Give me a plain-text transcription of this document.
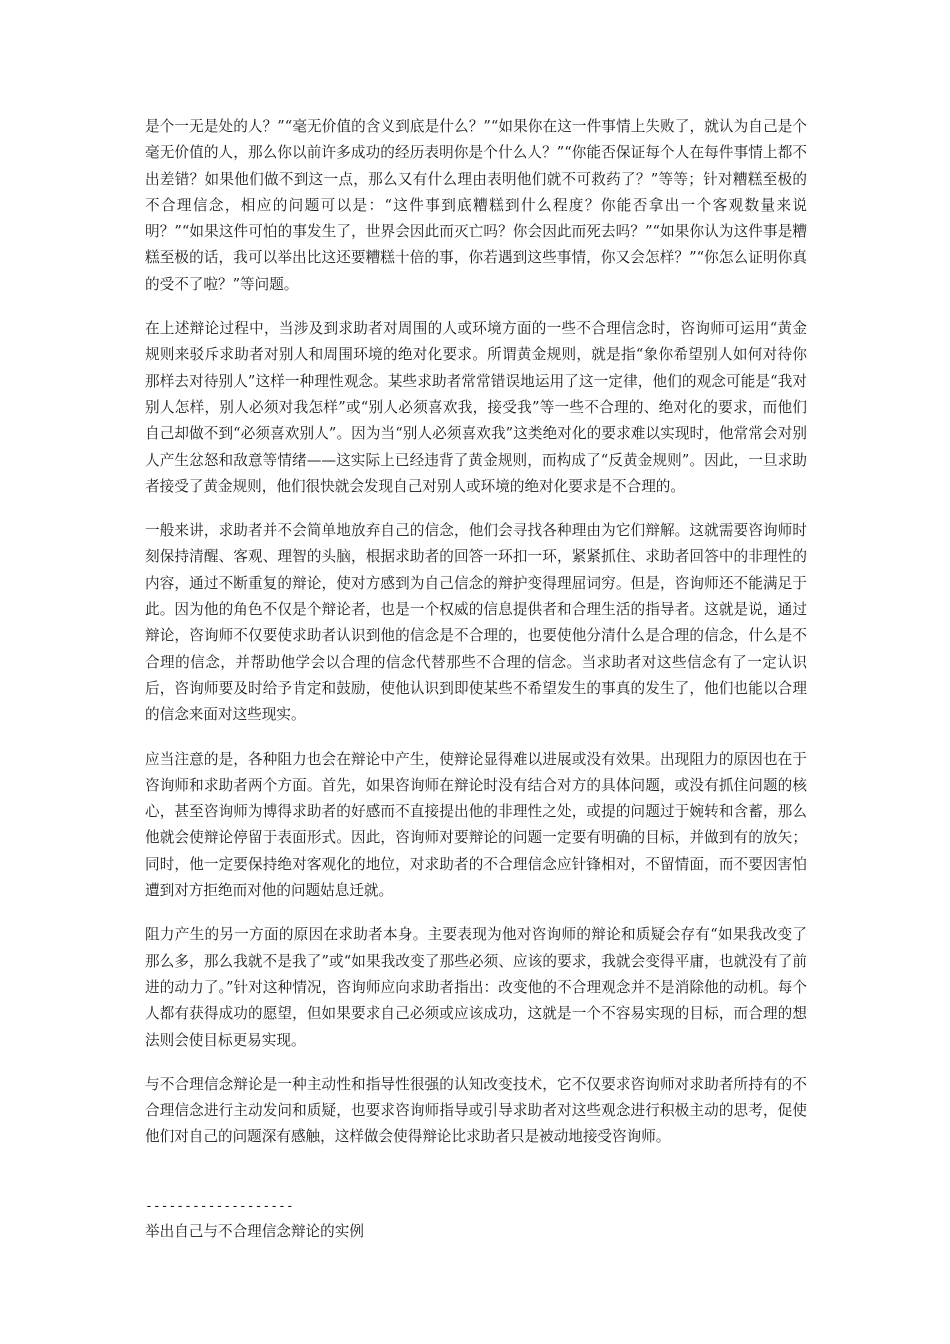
是个一无是处的人？”“毫无价值的含义到底是什么？”“如果你在这一件事情上失败了，就认为自己是个毫无价值的人，那么你以前许多成功的经历表明你是个什么人？”“你能否保证每个人在每件事情上都不出差错？如果他们做不到这一点，那么又有什么理由表明他们就不可救药了？”等等；针对糟糕至极的不合理信念，相应的问题可以是：“这件事到底糟糕到什么程度？你能否拿出一个客观数量来说明？”“如果这件可怕的事发生了，世界会因此而灭亡吗？你会因此而死去吗？”“如果你认为这件事是糟糕至极的话，我可以举出比这还要糟糕十倍的事，你若遇到这些事情，你又会怎样？”“你怎么证明你真的受不了啦？”等问题。

在上述辩论过程中，当涉及到求助者对周围的人或环境方面的一些不合理信念时，咨询师可运用“黄金规则来驳斥求助者对别人和周围环境的绝对化要求。所谓黄金规则，就是指“象你希望别人如何对待你那样去对待别人”这样一种理性观念。某些求助者常常错误地运用了这一定律，他们的观念可能是“我对别人怎样，别人必须对我怎样”或“别人必须喜欢我，接受我”等一些不合理的、绝对化的要求，而他们自己却做不到“必须喜欢别人”。因为当“别人必须喜欢我”这类绝对化的要求难以实现时，他常常会对别人产生忿怒和敌意等情绪——这实际上已经违背了黄金规则，而构成了“反黄金规则”。因此，一旦求助者接受了黄金规则，他们很快就会发现自己对别人或环境的绝对化要求是不合理的。

一般来讲，求助者并不会简单地放弃自己的信念，他们会寻找各种理由为它们辩解。这就需要咨询师时刻保持清醒、客观、理智的头脑，根据求助者的回答一环扣一环，紧紧抓住、求助者回答中的非理性的内容，通过不断重复的辩论，使对方感到为自己信念的辩护变得理屈词穷。但是，咨询师还不能满足于此。因为他的角色不仅是个辩论者，也是一个权威的信息提供者和合理生活的指导者。这就是说，通过辩论，咨询师不仅要使求助者认识到他的信念是不合理的，也要使他分清什么是合理的信念，什么是不合理的信念，并帮助他学会以合理的信念代替那些不合理的信念。当求助者对这些信念有了一定认识后，咨询师要及时给予肯定和鼓励，使他认识到即使某些不希望发生的事真的发生了，他们也能以合理的信念来面对这些现实。

应当注意的是，各种阻力也会在辩论中产生，使辩论显得难以进展或没有效果。出现阻力的原因也在于咨询师和求助者两个方面。首先，如果咨询师在辩论时没有结合对方的具体问题，或没有抓住问题的核心，甚至咨询师为博得求助者的好感而不直接提出他的非理性之处，或提的问题过于婉转和含蓄，那么他就会使辩论停留于表面形式。因此，咨询师对要辩论的问题一定要有明确的目标，并做到有的放矢；同时，他一定要保持绝对客观化的地位，对求助者的不合理信念应针锋相对，不留情面，而不要因害怕遭到对方拒绝而对他的问题姑息迁就。

阻力产生的另一方面的原因在求助者本身。主要表现为他对咨询师的辩论和质疑会存有“如果我改变了那么多，那么我就不是我了”或“如果我改变了那些必须、应该的要求，我就会变得平庸，也就没有了前进的动力了。”针对这种情况，咨询师应向求助者指出：改变他的不合理观念并不是消除他的动机。每个人都有获得成功的愿望，但如果要求自己必须或应该成功，这就是一个不容易实现的目标，而合理的想法则会使目标更易实现。

与不合理信念辩论是一种主动性和指导性很强的认知改变技术，它不仅要求咨询师对求助者所持有的不合理信念进行主动发问和质疑，也要求咨询师指导或引导求助者对这些观念进行积极主动的思考，促使他们对自己的问题深有感触，这样做会使得辩论比求助者只是被动地接受咨询师。

-------------------
举出自己与不合理信念辩论的实例
